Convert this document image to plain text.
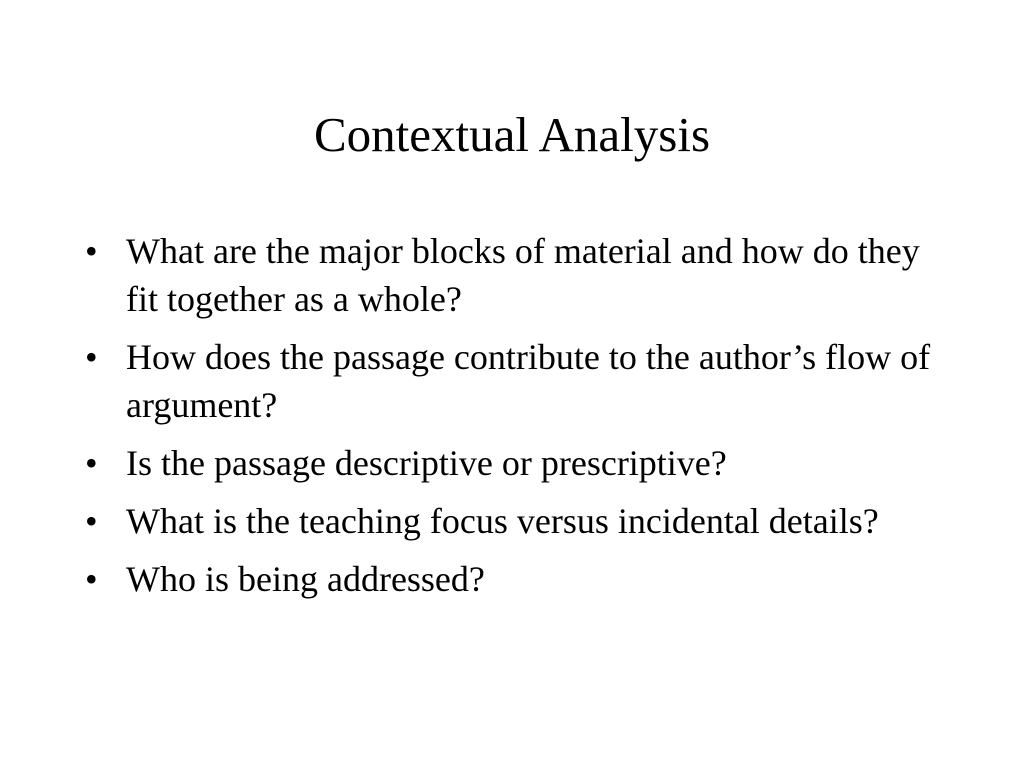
Contextual Analysis
• What are the major blocks of material and how do they fit together as a whole?
• How does the passage contribute to the author’s flow of argument?
• Is the passage descriptive or prescriptive?
• What is the teaching focus versus incidental details?
• Who is being addressed?
